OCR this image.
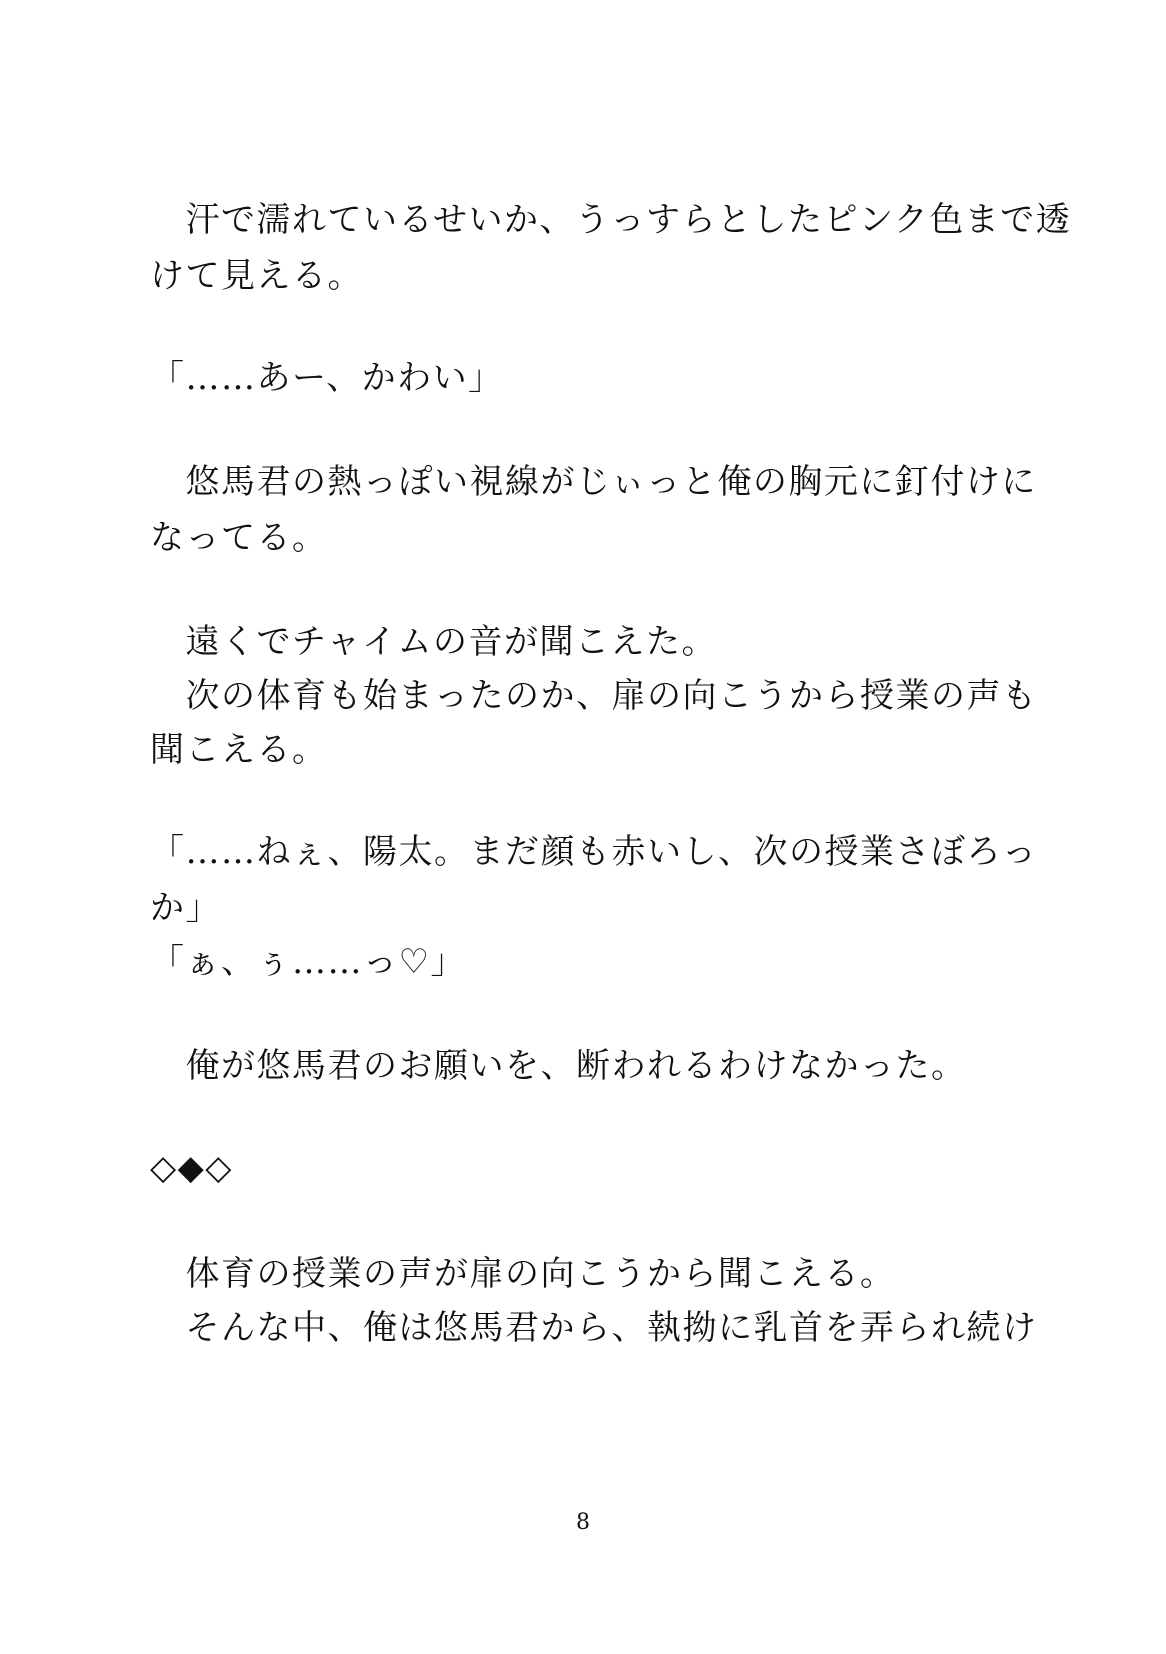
　汗で濡れているせいか、うっすらとしたピンク色まで透
けて見える。
「……あー、かわい」
　悠馬君の熱っぽい視線がじぃっと俺の胸元に釘付けに
なってる。
　遠くでチャイムの音が聞こえた。
　次の体育も始まったのか、扉の向こうから授業の声も
聞こえる。
「……ねぇ、陽太。まだ顔も赤いし、次の授業さぼろっ
か」
「ぁ、ぅ……っ♡」
　俺が悠馬君のお願いを、断われるわけなかった。
◇◆◇
　体育の授業の声が扉の向こうから聞こえる。
　そんな中、俺は悠馬君から、執拗に乳首を弄られ続け
8
